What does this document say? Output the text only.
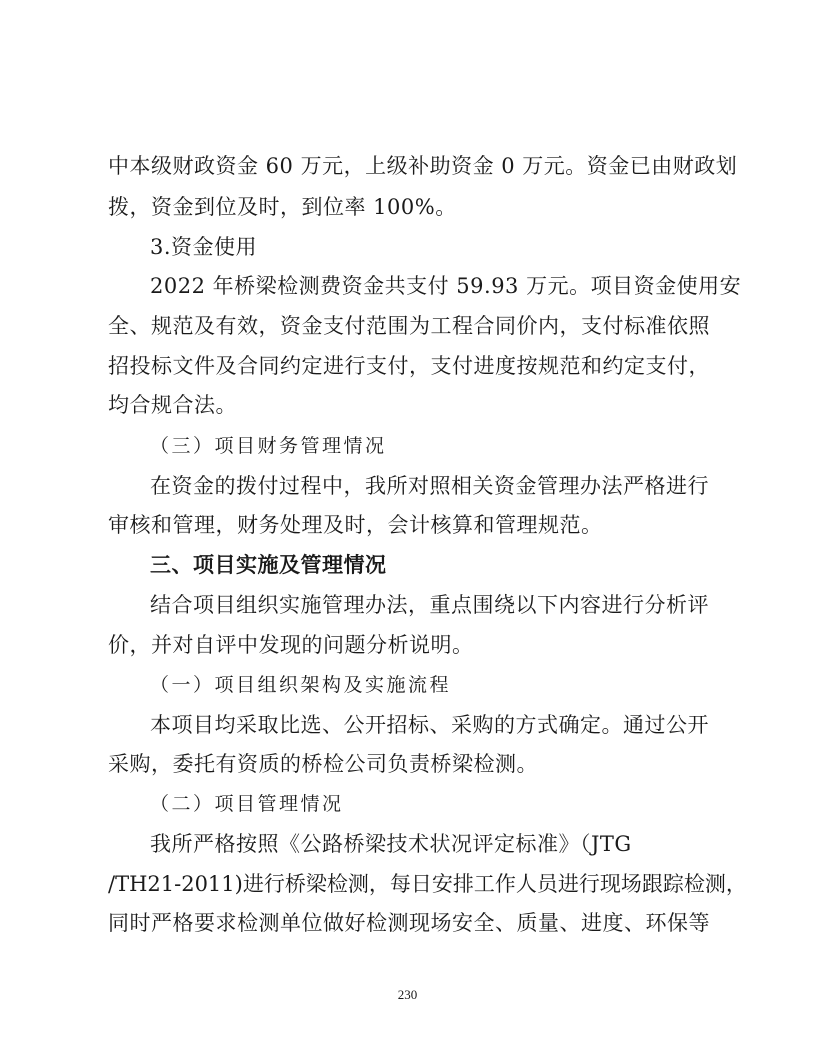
中本级财政资金 60 万元，上级补助资金 0 万元。资金已由财政划
拨，资金到位及时，到位率 100%。
3.资金使用
2022 年桥梁检测费资金共支付 59.93 万元。项目资金使用安
全、规范及有效，资金支付范围为工程合同价内，支付标准依照
招投标文件及合同约定进行支付，支付进度按规范和约定支付，
均合规合法。
（三）项目财务管理情况
在资金的拨付过程中，我所对照相关资金管理办法严格进行
审核和管理，财务处理及时，会计核算和管理规范。
三、项目实施及管理情况
结合项目组织实施管理办法，重点围绕以下内容进行分析评
价，并对自评中发现的问题分析说明。
（一）项目组织架构及实施流程
本项目均采取比选、公开招标、采购的方式确定。通过公开
采购，委托有资质的桥检公司负责桥梁检测。
（二）项目管理情况
我所严格按照《公路桥梁技术状况评定标准》（JTG
/TH21-2011)进行桥梁检测，每日安排工作人员进行现场跟踪检测，
同时严格要求检测单位做好检测现场安全、质量、进度、环保等
230
